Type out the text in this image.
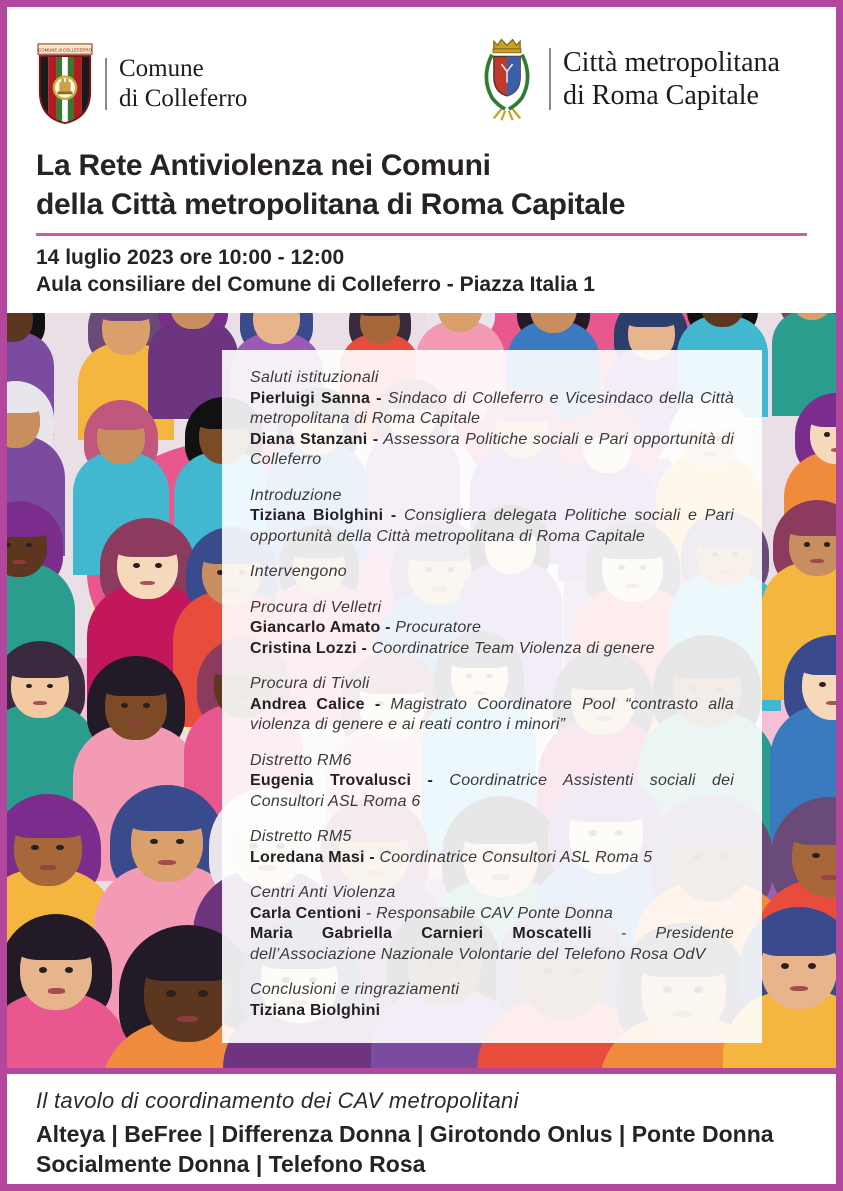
COMUNE di COLLEFERRO
Comune
di Colleferro
Città metropolitana
di Roma Capitale
La Rete Antiviolenza nei Comuni
della Città metropolitana di Roma Capitale
14 luglio 2023 ore 10:00 - 12:00
Aula consiliare del Comune di Colleferro - Piazza Italia 1
Saluti istituzionali

Pierluigi Sanna - Sindaco di Colleferro e Vicesindaco della Città metropolitana di Roma Capitale

Diana Stanzani - Assessora Politiche sociali e Pari opportunità di Colleferro

Introduzione

Tiziana Biolghini - Consigliera delegata Politiche sociali e Pari opportunità della Città metropolitana di Roma Capitale

Intervengono
Procura di Velletri

Giancarlo Amato - Procuratore

Cristina Lozzi - Coordinatrice Team Violenza di genere

Procura di Tivoli

Andrea Calice - Magistrato Coordinatore Pool “contrasto alla violenza di genere e ai reati contro i minori”

Distretto RM6

Eugenia Trovalusci - Coordinatrice Assistenti sociali dei Consultori ASL Roma 6

Distretto RM5

Loredana Masi - Coordinatrice Consultori ASL Roma 5

Centri Anti Violenza

Carla Centioni - Responsabile CAV Ponte Donna

Maria Gabriella Carnieri Moscatelli - Presidente dell’Associazione Nazionale Volontarie del Telefono Rosa OdV

Conclusioni e ringraziamenti

Tiziana Biolghini

Il tavolo di coordinamento dei CAV metropolitani

Alteya | BeFree | Differenza Donna | Girotondo Onlus | Ponte Donna

Socialmente Donna | Telefono Rosa
